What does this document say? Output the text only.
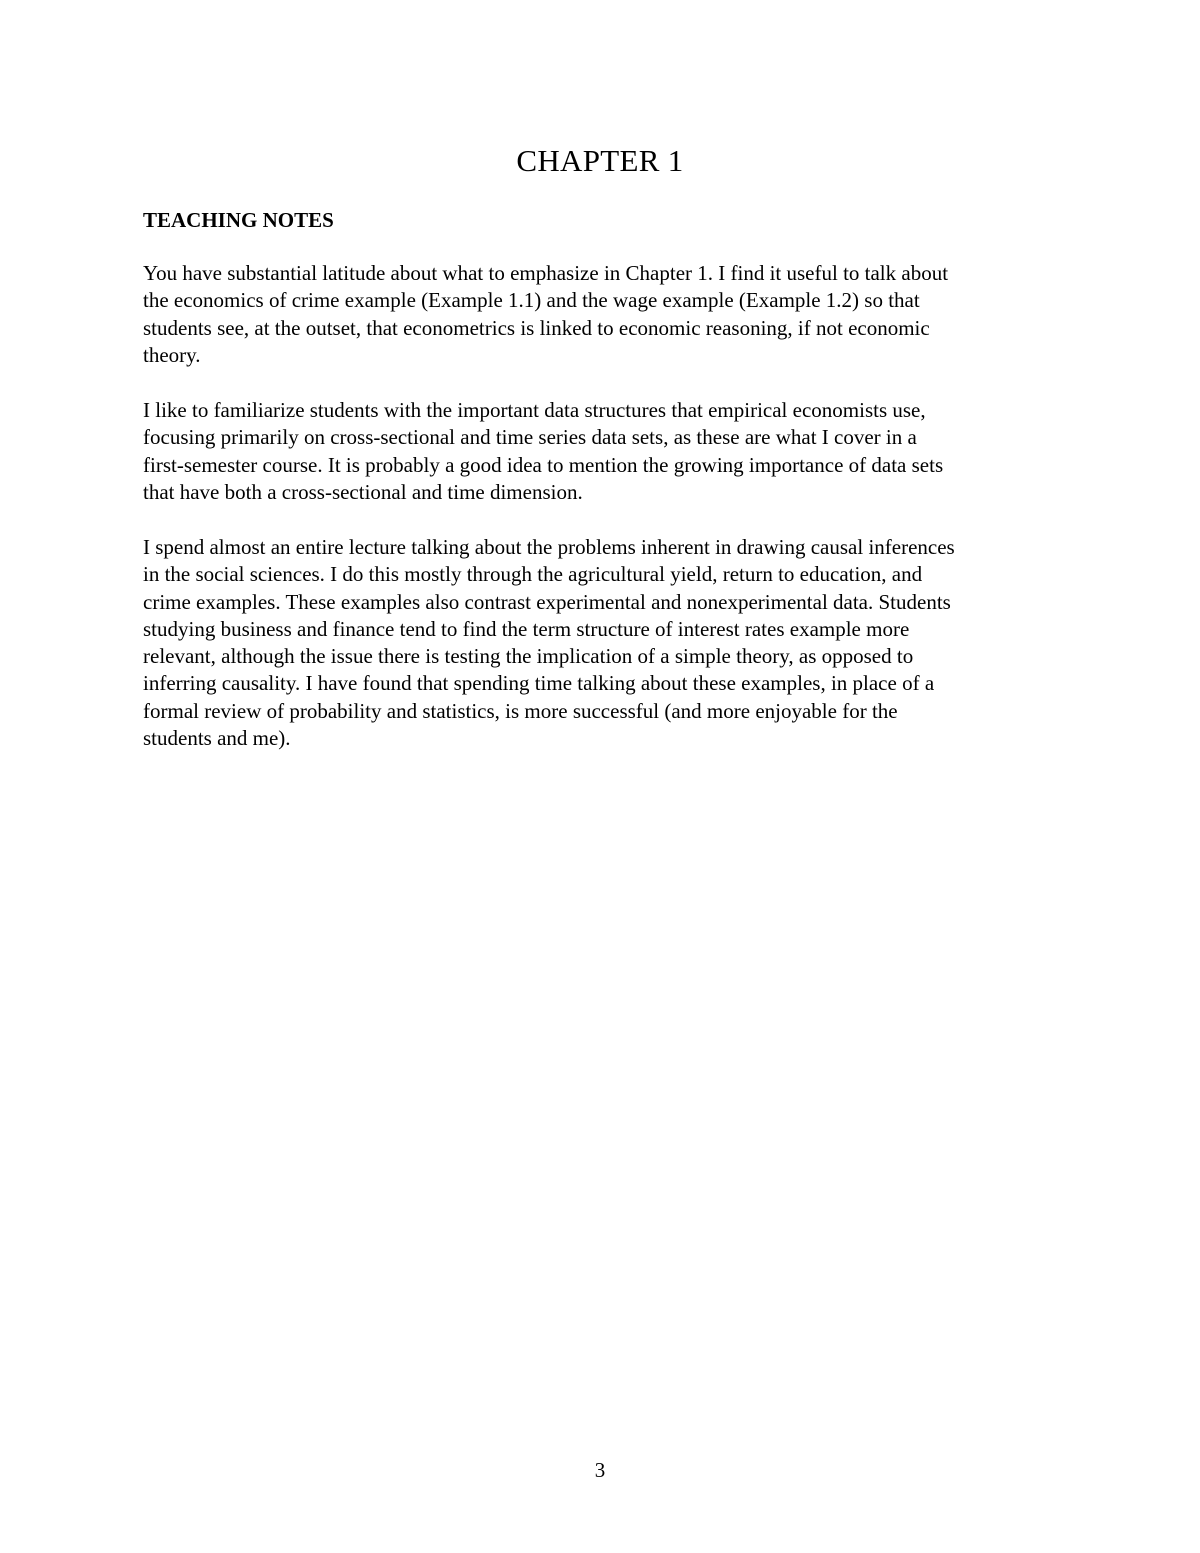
CHAPTER 1
TEACHING NOTES

You have substantial latitude about what to emphasize in Chapter 1. I find it useful to talk about
the economics of crime example (Example 1.1) and the wage example (Example 1.2) so that
students see, at the outset, that econometrics is linked to economic reasoning, if not economic
theory.

I like to familiarize students with the important data structures that empirical economists use,
focusing primarily on cross-sectional and time series data sets, as these are what I cover in a
first-semester course. It is probably a good idea to mention the growing importance of data sets
that have both a cross-sectional and time dimension.

I spend almost an entire lecture talking about the problems inherent in drawing causal inferences
in the social sciences. I do this mostly through the agricultural yield, return to education, and
crime examples. These examples also contrast experimental and nonexperimental data. Students
studying business and finance tend to find the term structure of interest rates example more
relevant, although the issue there is testing the implication of a simple theory, as opposed to
inferring causality. I have found that spending time talking about these examples, in place of a
formal review of probability and statistics, is more successful (and more enjoyable for the
students and me).

3
